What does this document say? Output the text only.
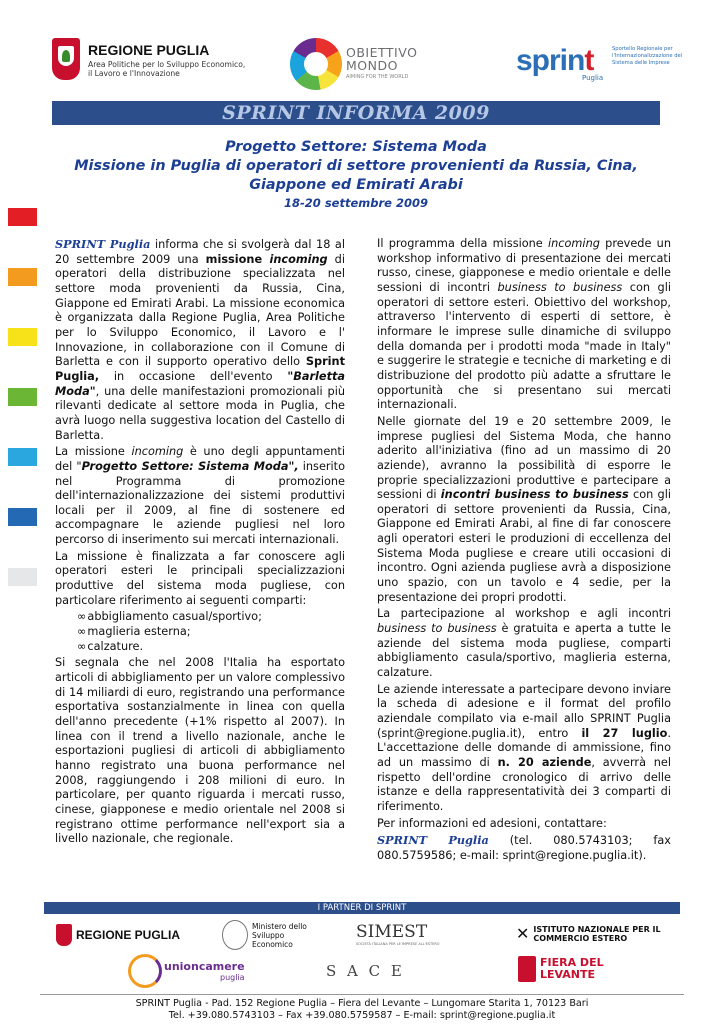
REGIONE PUGLIA
Area Politiche per lo Sviluppo Economico,
il Lavoro e l'Innovazione
OBIETTIVO
MONDO
AIMING FOR THE WORLD	sprint
Puglia
Sportello Regionale per l'Internazionalizzazione del Sistema delle Imprese
SPRINT INFORMA 2009
Progetto Settore: Sistema Moda
Missione in Puglia di operatori di settore provenienti da Russia, Cina,
Giappone ed Emirati Arabi
18-20 settembre 2009

SPRINT Puglia informa che si svolgerà dal 18 al 20 settembre 2009 una missione incoming di operatori della distribuzione specializzata nel settore moda provenienti da Russia, Cina, Giappone ed Emirati Arabi. La missione economica è organizzata dalla Regione Puglia, Area Politiche per lo Sviluppo Economico, il Lavoro e l' Innovazione, in collaborazione con il Comune di Barletta e con il supporto operativo dello Sprint Puglia, in occasione dell'evento "Barletta Moda", una delle manifestazioni promozionali più rilevanti dedicate al settore moda in Puglia, che avrà luogo nella suggestiva location del Castello di Barletta.

La missione incoming è uno degli appuntamenti del "Progetto Settore: Sistema Moda", inserito nel Programma di promozione dell'internazionalizzazione dei sistemi produttivi locali per il 2009, al fine di sostenere ed accompagnare le aziende pugliesi nel loro percorso di inserimento sui mercati internazionali.

La missione è finalizzata a far conoscere agli operatori esteri le principali specializzazioni produttive del sistema moda pugliese, con particolare riferimento ai seguenti comparti:

∞ abbigliamento casual/sportivo;
∞ maglieria esterna;
∞ calzature.

Si segnala che nel 2008 l'Italia ha esportato articoli di abbigliamento per un valore complessivo di 14 miliardi di euro, registrando una performance esportativa sostanzialmente in linea con quella dell'anno precedente (+1% rispetto al 2007). In linea con il trend a livello nazionale, anche le esportazioni pugliesi di articoli di abbigliamento hanno registrato una buona performance nel 2008, raggiungendo i 208 milioni di euro. In particolare, per quanto riguarda i mercati russo, cinese, giapponese e medio orientale nel 2008 si registrano ottime performance nell'export sia a livello nazionale, che regionale.

Il programma della missione incoming prevede un workshop informativo di presentazione dei mercati russo, cinese, giapponese e medio orientale e delle sessioni di incontri business to business con gli operatori di settore esteri. Obiettivo del workshop, attraverso l'intervento di esperti di settore, è informare le imprese sulle dinamiche di sviluppo della domanda per i prodotti moda "made in Italy" e suggerire le strategie e tecniche di marketing e di distribuzione del prodotto più adatte a sfruttare le opportunità che si presentano sui mercati internazionali.

Nelle giornate del 19 e 20 settembre 2009, le imprese pugliesi del Sistema Moda, che hanno aderito all'iniziativa (fino ad un massimo di 20 aziende), avranno la possibilità di esporre le proprie specializzazioni produttive e partecipare a sessioni di incontri business to business con gli operatori di settore provenienti da Russia, Cina, Giappone ed Emirati Arabi, al fine di far conoscere agli operatori esteri le produzioni di eccellenza del Sistema Moda pugliese e creare utili occasioni di incontro. Ogni azienda pugliese avrà a disposizione uno spazio, con un tavolo e 4 sedie, per la presentazione dei propri prodotti.

La partecipazione al workshop e agli incontri business to business è gratuita e aperta a tutte le aziende del sistema moda pugliese, comparti abbigliamento casula/sportivo, maglieria esterna, calzature.

Le aziende interessate a partecipare devono inviare la scheda di adesione e il format del profilo aziendale compilato via e-mail allo SPRINT Puglia (sprint@regione.puglia.it), entro il 27 luglio. L'accettazione delle domande di ammissione, fino ad un massimo di n. 20 aziende, avverrà nel rispetto dell'ordine cronologico di arrivo delle istanze e della rappresentatività dei 3 comparti di riferimento.

Per informazioni ed adesioni, contattare:

SPRINT Puglia (tel. 080.5743103; fax 080.5759586; e-mail: sprint@regione.puglia.it).

I PARTNER DI SPRINT
REGIONE PUGLIA
Ministero dello Sviluppo Economico
SIMEST
SOCIETÀ ITALIANA PER LE IMPRESE ALL'ESTERO
✕ ISTITUTO NAZIONALE PER IL COMMERCIO ESTERO
unioncamere
puglia	S A C E	FIERA DEL LEVANTE
SPRINT Puglia - Pad. 152 Regione Puglia – Fiera del Levante – Lungomare Starita 1, 70123 Bari
Tel. +39.080.5743103 – Fax +39.080.5759587 – E-mail: sprint@regione.puglia.it
